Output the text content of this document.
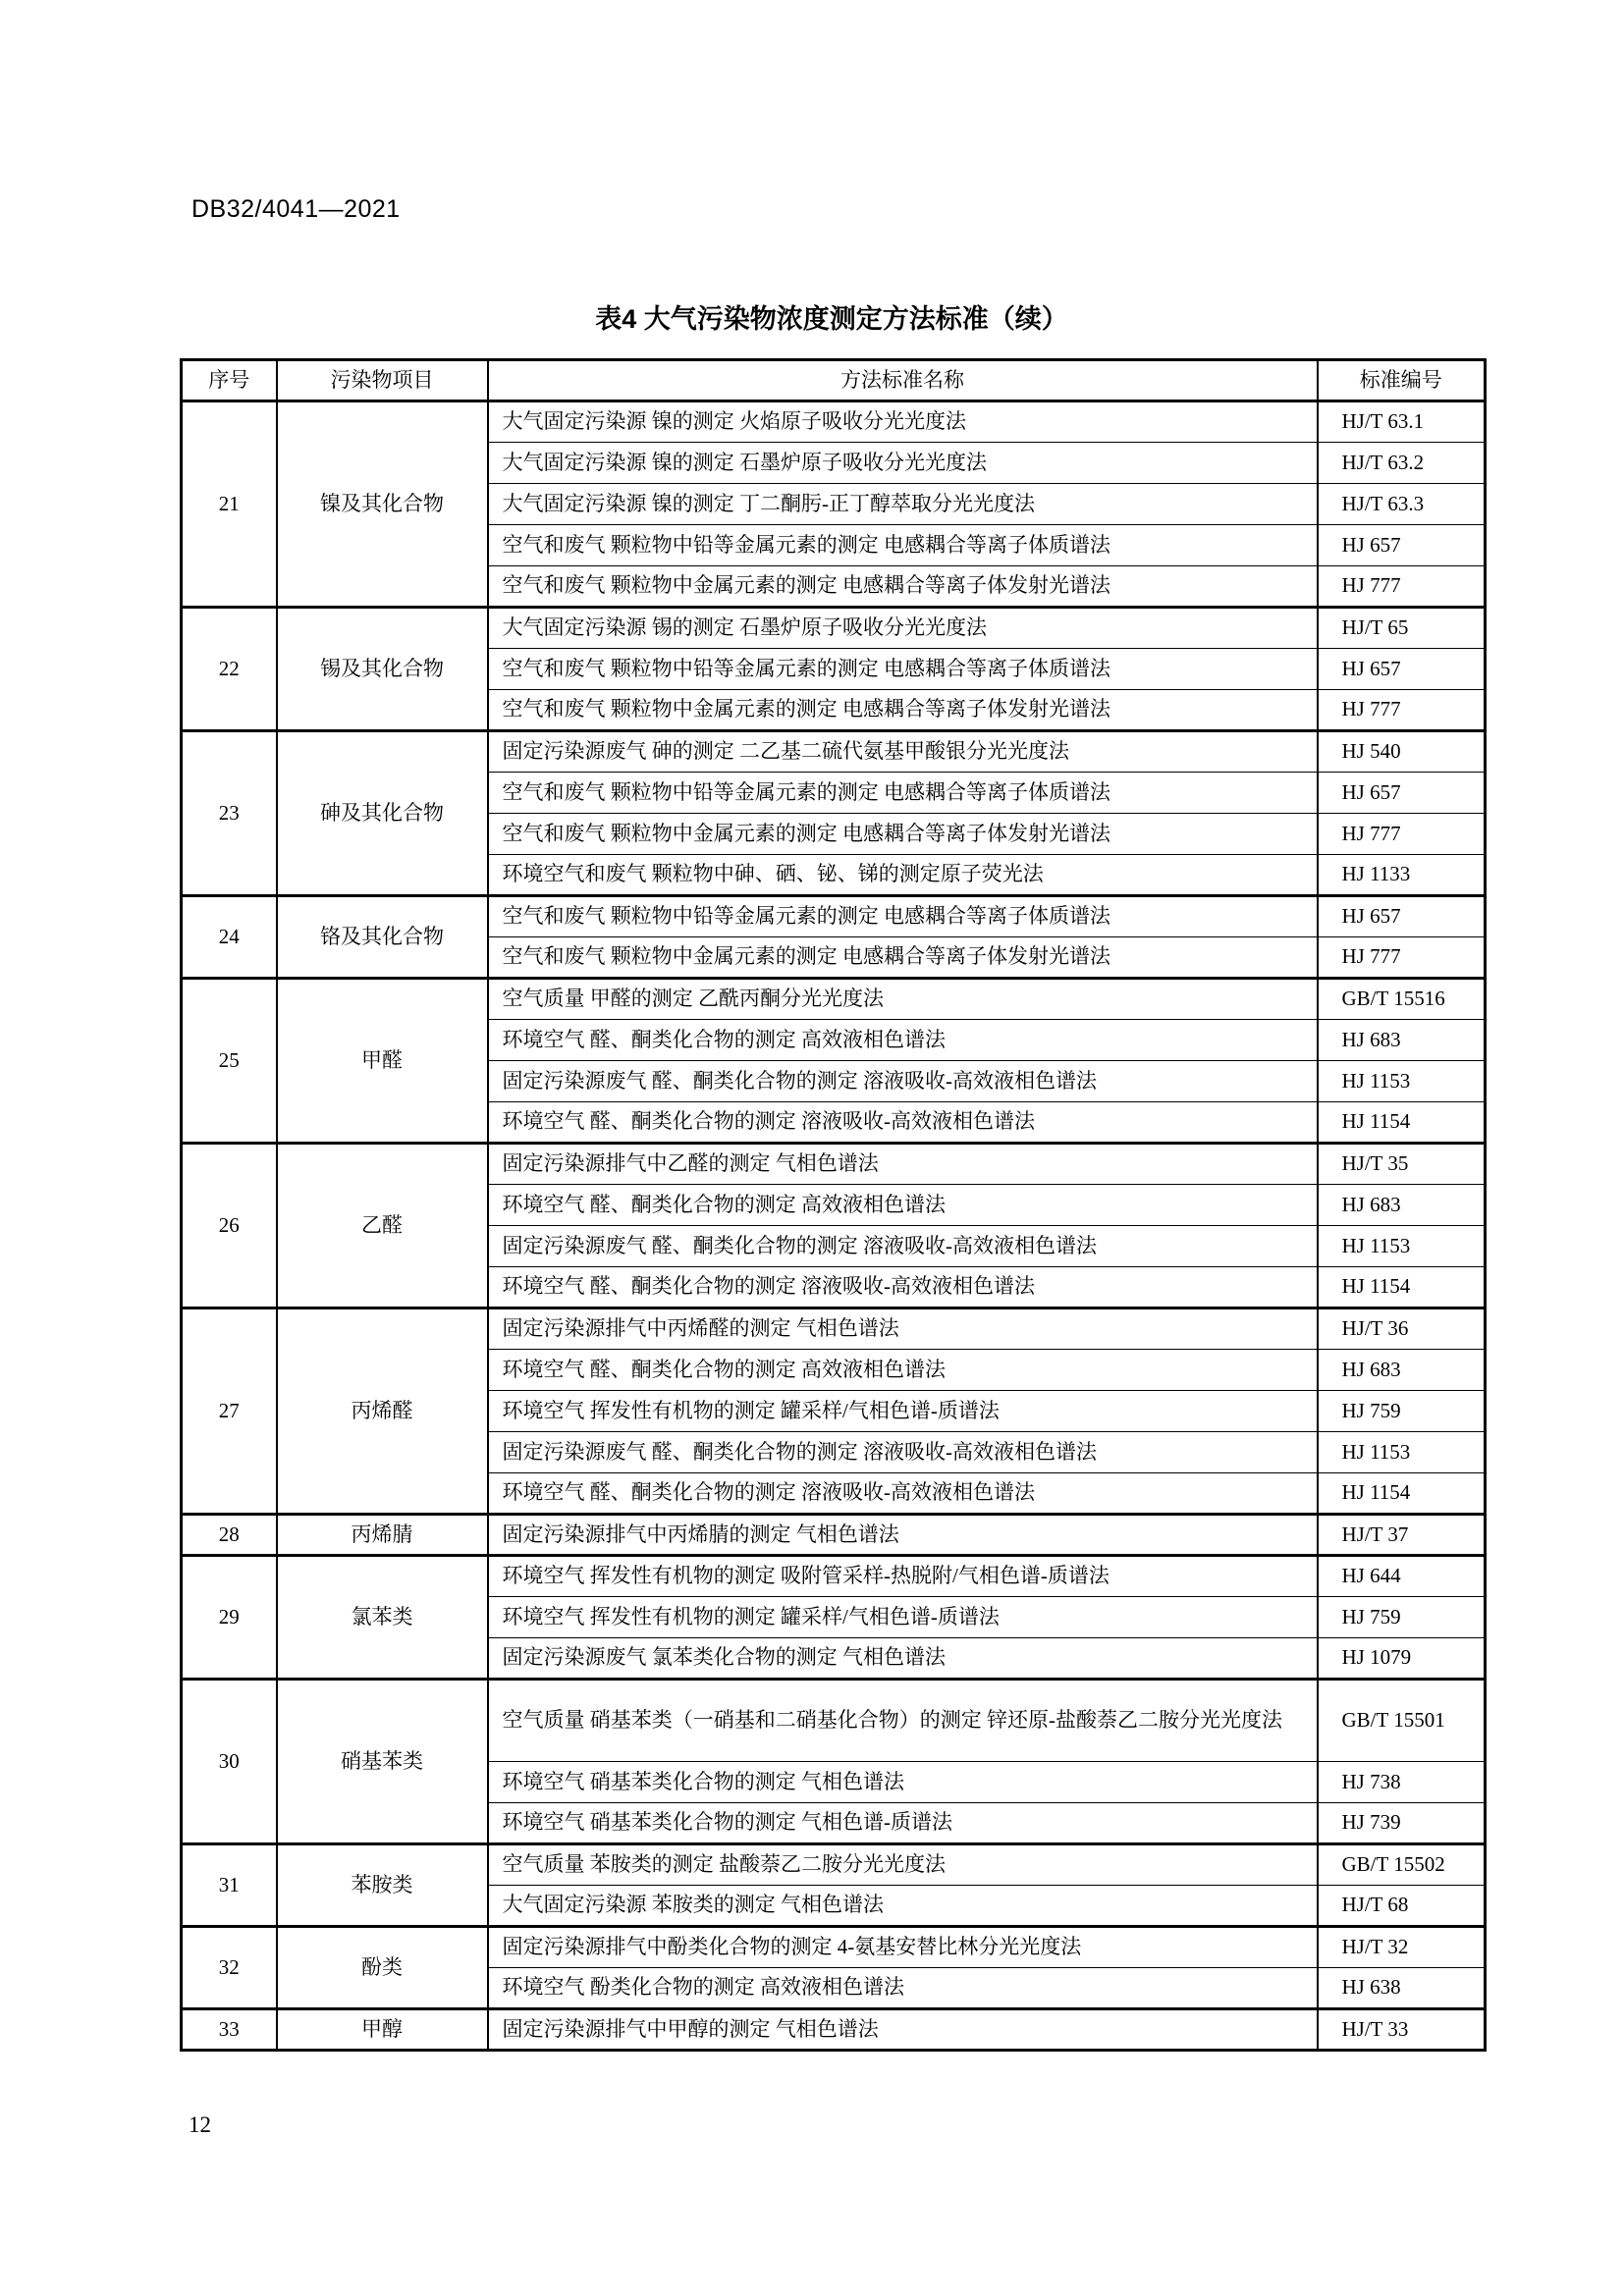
DB32/4041—2021
表4 大气污染物浓度测定方法标准（续）
序号	污染物项目	方法标准名称	标准编号
21	镍及其化合物	大气固定污染源 镍的测定 火焰原子吸收分光光度法	HJ/T 63.1
		大气固定污染源 镍的测定 石墨炉原子吸收分光光度法	HJ/T 63.2
		大气固定污染源 镍的测定 丁二酮肟-正丁醇萃取分光光度法	HJ/T 63.3
		空气和废气 颗粒物中铅等金属元素的测定 电感耦合等离子体质谱法	HJ 657
		空气和废气 颗粒物中金属元素的测定 电感耦合等离子体发射光谱法	HJ 777
22	锡及其化合物	大气固定污染源 锡的测定 石墨炉原子吸收分光光度法	HJ/T 65
		空气和废气 颗粒物中铅等金属元素的测定 电感耦合等离子体质谱法	HJ 657
		空气和废气 颗粒物中金属元素的测定 电感耦合等离子体发射光谱法	HJ 777
23	砷及其化合物	固定污染源废气 砷的测定 二乙基二硫代氨基甲酸银分光光度法	HJ 540
		空气和废气 颗粒物中铅等金属元素的测定 电感耦合等离子体质谱法	HJ 657
		空气和废气 颗粒物中金属元素的测定 电感耦合等离子体发射光谱法	HJ 777
		环境空气和废气 颗粒物中砷、硒、铋、锑的测定原子荧光法	HJ 1133
24	铬及其化合物	空气和废气 颗粒物中铅等金属元素的测定 电感耦合等离子体质谱法	HJ 657
		空气和废气 颗粒物中金属元素的测定 电感耦合等离子体发射光谱法	HJ 777
25	甲醛	空气质量 甲醛的测定 乙酰丙酮分光光度法	GB/T 15516
		环境空气 醛、酮类化合物的测定 高效液相色谱法	HJ 683
		固定污染源废气 醛、酮类化合物的测定 溶液吸收-高效液相色谱法	HJ 1153
		环境空气 醛、酮类化合物的测定 溶液吸收-高效液相色谱法	HJ 1154
26	乙醛	固定污染源排气中乙醛的测定 气相色谱法	HJ/T 35
		环境空气 醛、酮类化合物的测定 高效液相色谱法	HJ 683
		固定污染源废气 醛、酮类化合物的测定 溶液吸收-高效液相色谱法	HJ 1153
		环境空气 醛、酮类化合物的测定 溶液吸收-高效液相色谱法	HJ 1154
27	丙烯醛	固定污染源排气中丙烯醛的测定 气相色谱法	HJ/T 36
		环境空气 醛、酮类化合物的测定 高效液相色谱法	HJ 683
		环境空气 挥发性有机物的测定 罐采样/气相色谱-质谱法	HJ 759
		固定污染源废气 醛、酮类化合物的测定 溶液吸收-高效液相色谱法	HJ 1153
		环境空气 醛、酮类化合物的测定 溶液吸收-高效液相色谱法	HJ 1154
28	丙烯腈	固定污染源排气中丙烯腈的测定 气相色谱法	HJ/T 37
29	氯苯类	环境空气 挥发性有机物的测定 吸附管采样-热脱附/气相色谱-质谱法	HJ 644
		环境空气 挥发性有机物的测定 罐采样/气相色谱-质谱法	HJ 759
		固定污染源废气 氯苯类化合物的测定 气相色谱法	HJ 1079
30	硝基苯类	空气质量 硝基苯类（一硝基和二硝基化合物）的测定 锌还原-盐酸萘乙二胺分光光度法	GB/T 15501
		环境空气 硝基苯类化合物的测定 气相色谱法	HJ 738
		环境空气 硝基苯类化合物的测定 气相色谱-质谱法	HJ 739
31	苯胺类	空气质量 苯胺类的测定 盐酸萘乙二胺分光光度法	GB/T 15502
		大气固定污染源 苯胺类的测定 气相色谱法	HJ/T 68
32	酚类	固定污染源排气中酚类化合物的测定 4-氨基安替比林分光光度法	HJ/T 32
		环境空气 酚类化合物的测定 高效液相色谱法	HJ 638
33	甲醇	固定污染源排气中甲醇的测定 气相色谱法	HJ/T 33
12
